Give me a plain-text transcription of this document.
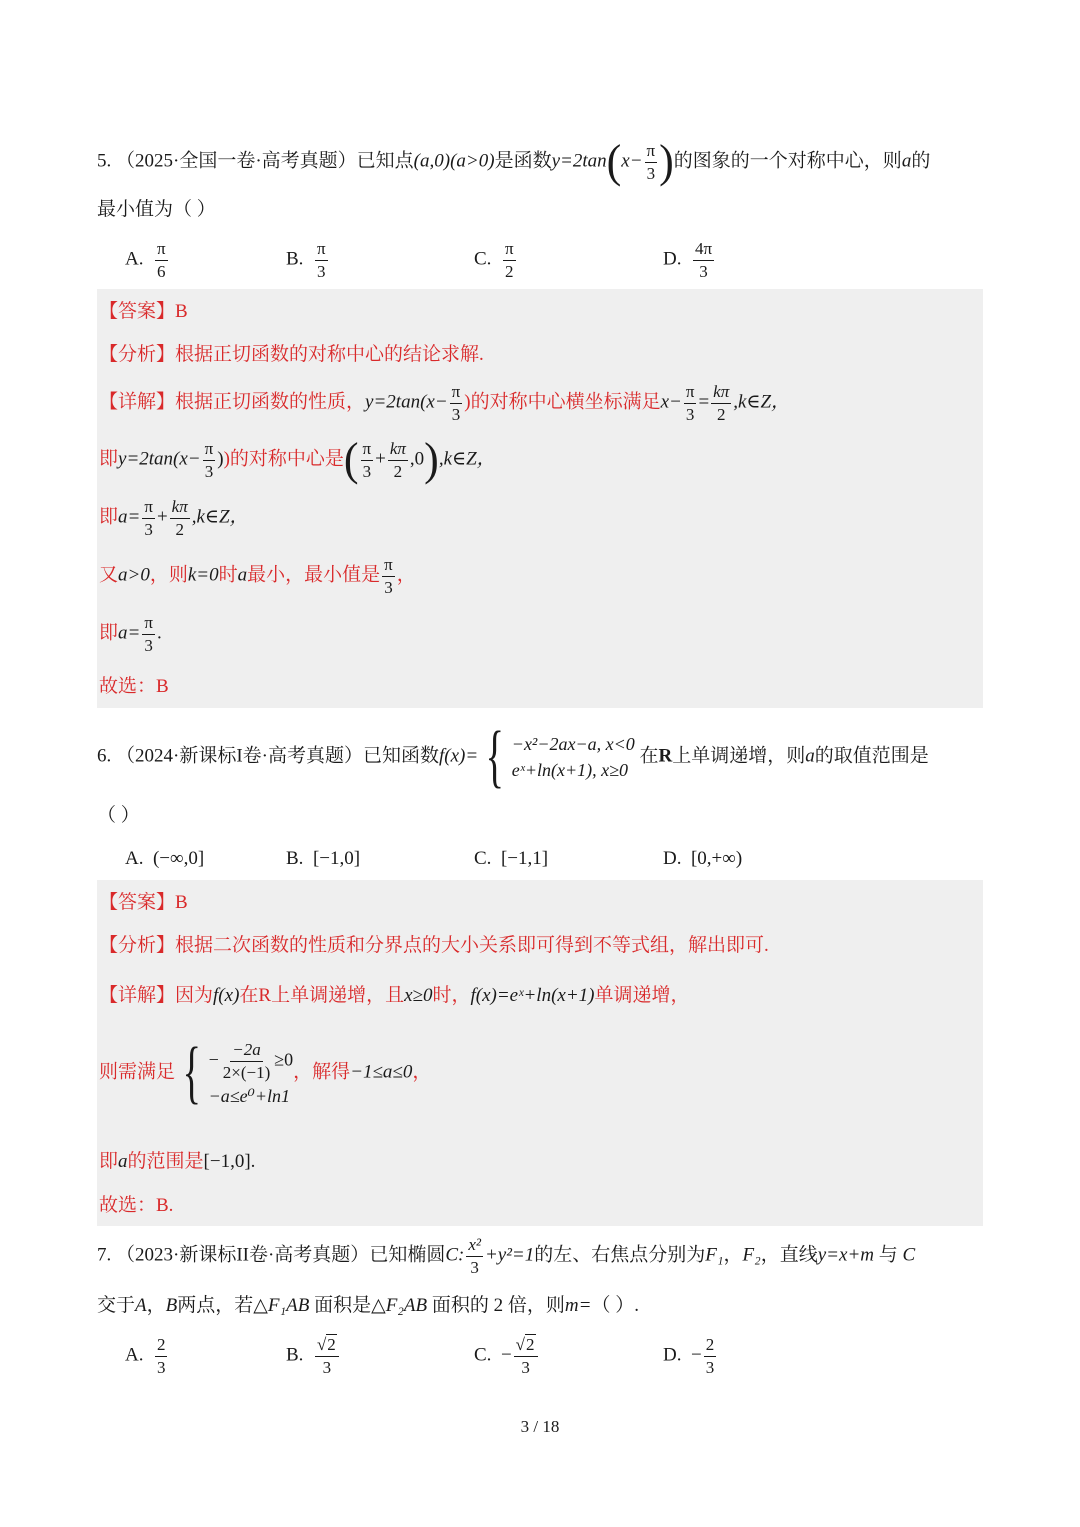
5. （2025·全国一卷·高考真题）已知点(a,0)(a>0)是函数$y=2\tan(x- \frac{\pi}{3}$ )的图象的一个对称中心，则a的
最小值为（ ）
A. $\frac{\pi}{6}$	B. $\frac{\pi}{3}$	C. $\frac{\pi}{2}$	D. $\frac{4\pi}{3}$
【答案】B
【分析】根据正切函数的对称中心的结论求解.
【详解】根据正切函数的性质，$y=2\tan(x- \frac{\pi}{3}$ )的对称中心横坐标满足$x- \frac{\pi}{3} = \frac{k\pi}{2}$ ,k∈Z，
即$y=2\tan(x- \frac{\pi}{3}$ ))的对称中心是( $\frac{\pi}{3} + \frac{k\pi}{2}$ ,0),k∈Z，
即$a= \frac{\pi}{3} + \frac{k\pi}{2}$ ,k∈Z，
又a>0，则k=0时a最小，最小值是 $\frac{\pi}{3}$ ，
即$a= \frac{\pi}{3}$ .
故选：B
6. （2024·新课标I卷·高考真题）已知函数f(x)= { −x²−2ax−a, x<0
eˣ+ln(x+1), x≥0
在R上单调递增，则a的取值范围是
（ ）
A. (−∞,0]	B. [−1,0]	C. [−1,1]	D. [0,+∞)
【答案】B
【分析】根据二次函数的性质和分界点的大小关系即可得到不等式组，解出即可.
【详解】因为f(x)在R上单调递增，且x≥0时，f(x)=eˣ+ln(x+1)单调递增，
则需满足 { − $\frac{-2a}{2\times(-1)} \ge 0$
−a≤e⁰+ln1
，解得−1≤a≤0，
即a的范围是[−1,0].
故选：B.
7. （2023·新课标II卷·高考真题）已知椭圆C: $\frac{\text{x²}}{3} +y^2=1$的左、右焦点分别为F₁，F₂，直线y=x+m 与 C
交于A，B两点，若△F₁AB 面积是△F₂AB 面积的 2 倍，则m=（ ）.
A. $\frac{2}{3}$	B. $\frac{√2}{3}$	C. − $\frac{√2}{3}$	D. − $\frac{2}{3}$
3 / 18
